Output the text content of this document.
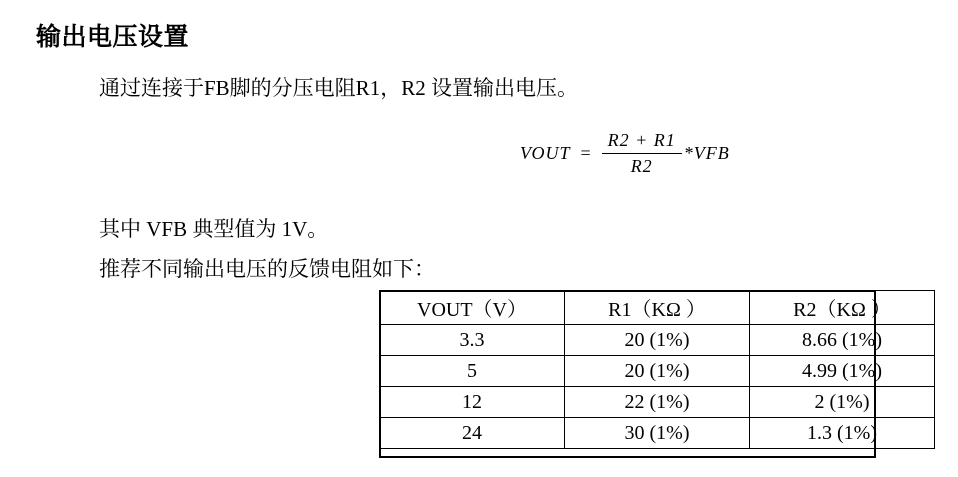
输出电压设置
通过连接于FB脚的分压电阻R1，R2 设置输出电压。
VOUT = $\frac{R2 + R1}{R2} *VFB$
其中 VFB 典型值为 1V。
推荐不同输出电压的反馈电阻如下：
VOUT（V）	R1（KΩ ）	R2（KΩ ）
3.3	20 (1%)	8.66 (1%)
5	20 (1%)	4.99 (1%)
12	22 (1%)	2 (1%)
24	30 (1%)	1.3 (1%)
